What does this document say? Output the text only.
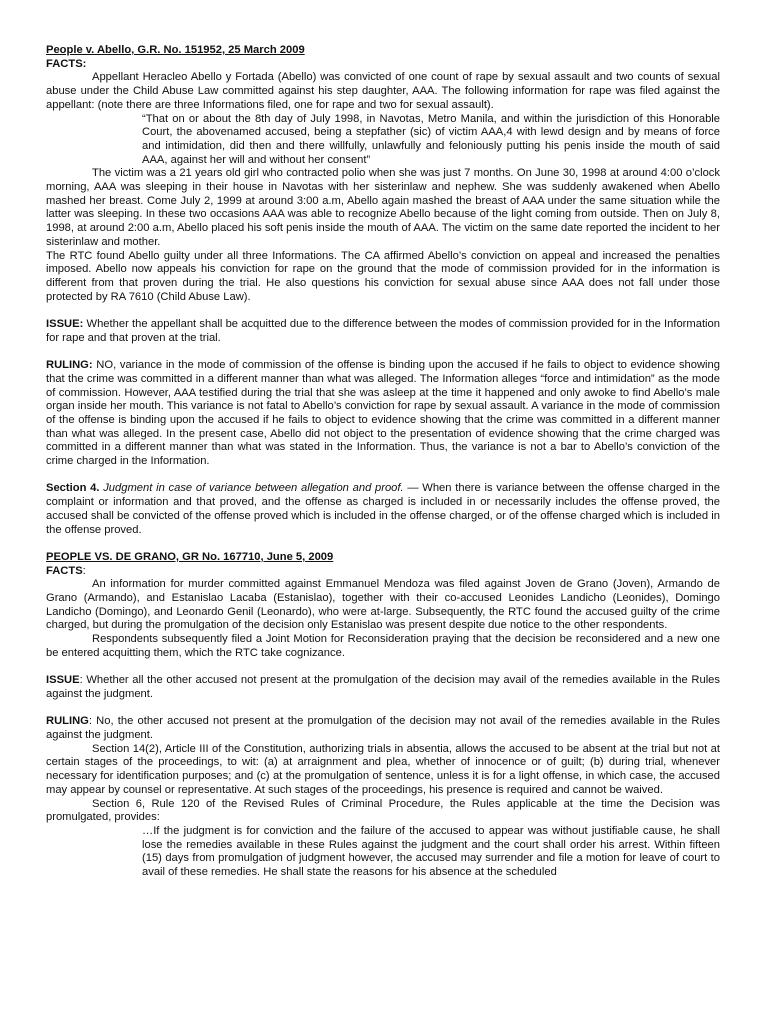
People v. Abello, G.R. No. 151952, 25 March 2009

FACTS:

Appellant Heracleo Abello y Fortada (Abello) was convicted of one count of rape by sexual assault and two counts of sexual abuse under the Child Abuse Law committed against his step daughter, AAA. The following information for rape was filed against the appellant: (note there are three Informations filed, one for rape and two for sexual assault).

“That on or about the 8th day of July 1998, in Navotas, Metro Manila, and within the jurisdiction of this Honorable Court, the abovenamed accused, being a stepfather (sic) of victim AAA,4 with lewd design and by means of force and intimidation, did then and there willfully, unlawfully and feloniously putting his penis inside the mouth of said AAA, against her will and without her consent”

The victim was a 21 years old girl who contracted polio when she was just 7 months. On June 30, 1998 at around 4:00 o’clock morning, AAA was sleeping in their house in Navotas with her sisterinlaw and nephew. She was suddenly awakened when Abello mashed her breast. Come July 2, 1999 at around 3:00 a.m, Abello again mashed the breast of AAA under the same situation while the latter was sleeping. In these two occasions AAA was able to recognize Abello because of the light coming from outside. Then on July 8, 1998, at around 2:00 a.m, Abello placed his soft penis inside the mouth of AAA. The victim on the same date reported the incident to her sisterinlaw and mother.

The RTC found Abello guilty under all three Informations. The CA affirmed Abello’s conviction on appeal and increased the penalties imposed. Abello now appeals his conviction for rape on the ground that the mode of commission provided for in the information is different from that proven during the trial. He also questions his conviction for sexual abuse since AAA does not fall under those protected by RA 7610 (Child Abuse Law).

ISSUE: Whether the appellant shall be acquitted due to the difference between the modes of commission provided for in the Information for rape and that proven at the trial.

RULING: NO, variance in the mode of commission of the offense is binding upon the accused if he fails to object to evidence showing that the crime was committed in a different manner than what was alleged. The Information alleges “force and intimidation” as the mode of commission. However, AAA testified during the trial that she was asleep at the time it happened and only awoke to find Abello’s male organ inside her mouth. This variance is not fatal to Abello’s conviction for rape by sexual assault. A variance in the mode of commission of the offense is binding upon the accused if he fails to object to evidence showing that the crime was committed in a different manner than what was alleged. In the present case, Abello did not object to the presentation of evidence showing that the crime charged was committed in a different manner than what was stated in the Information. Thus, the variance is not a bar to Abello’s conviction of the crime charged in the Information.

Section 4. Judgment in case of variance between allegation and proof. — When there is variance between the offense charged in the complaint or information and that proved, and the offense as charged is included in or necessarily includes the offense proved, the accused shall be convicted of the offense proved which is included in the offense charged, or of the offense charged which is included in the offense proved.

PEOPLE VS. DE GRANO, GR No. 167710, June 5, 2009

FACTS:

An information for murder committed against Emmanuel Mendoza was filed against Joven de Grano (Joven), Armando de Grano (Armando), and Estanislao Lacaba (Estanislao), together with their co-accused Leonides Landicho (Leonides), Domingo Landicho (Domingo), and Leonardo Genil (Leonardo), who were at-large. Subsequently, the RTC found the accused guilty of the crime charged, but during the promulgation of the decision only Estanislao was present despite due notice to the other respondents.

Respondents subsequently filed a Joint Motion for Reconsideration praying that the decision be reconsidered and a new one be entered acquitting them, which the RTC take cognizance.

ISSUE: Whether all the other accused not present at the promulgation of the decision may avail of the remedies available in the Rules against the judgment.

RULING: No, the other accused not present at the promulgation of the decision may not avail of the remedies available in the Rules against the judgment.

Section 14(2), Article III of the Constitution, authorizing trials in absentia, allows the accused to be absent at the trial but not at certain stages of the proceedings, to wit: (a) at arraignment and plea, whether of innocence or of guilt; (b) during trial, whenever necessary for identification purposes; and (c) at the promulgation of sentence, unless it is for a light offense, in which case, the accused may appear by counsel or representative. At such stages of the proceedings, his presence is required and cannot be waived.

Section 6, Rule 120 of the Revised Rules of Criminal Procedure, the Rules applicable at the time the Decision was promulgated, provides:

…If the judgment is for conviction and the failure of the accused to appear was without justifiable cause, he shall lose the remedies available in these Rules against the judgment and the court shall order his arrest. Within fifteen (15) days from promulgation of judgment however, the accused may surrender and file a motion for leave of court to avail of these remedies. He shall state the reasons for his absence at the scheduled
